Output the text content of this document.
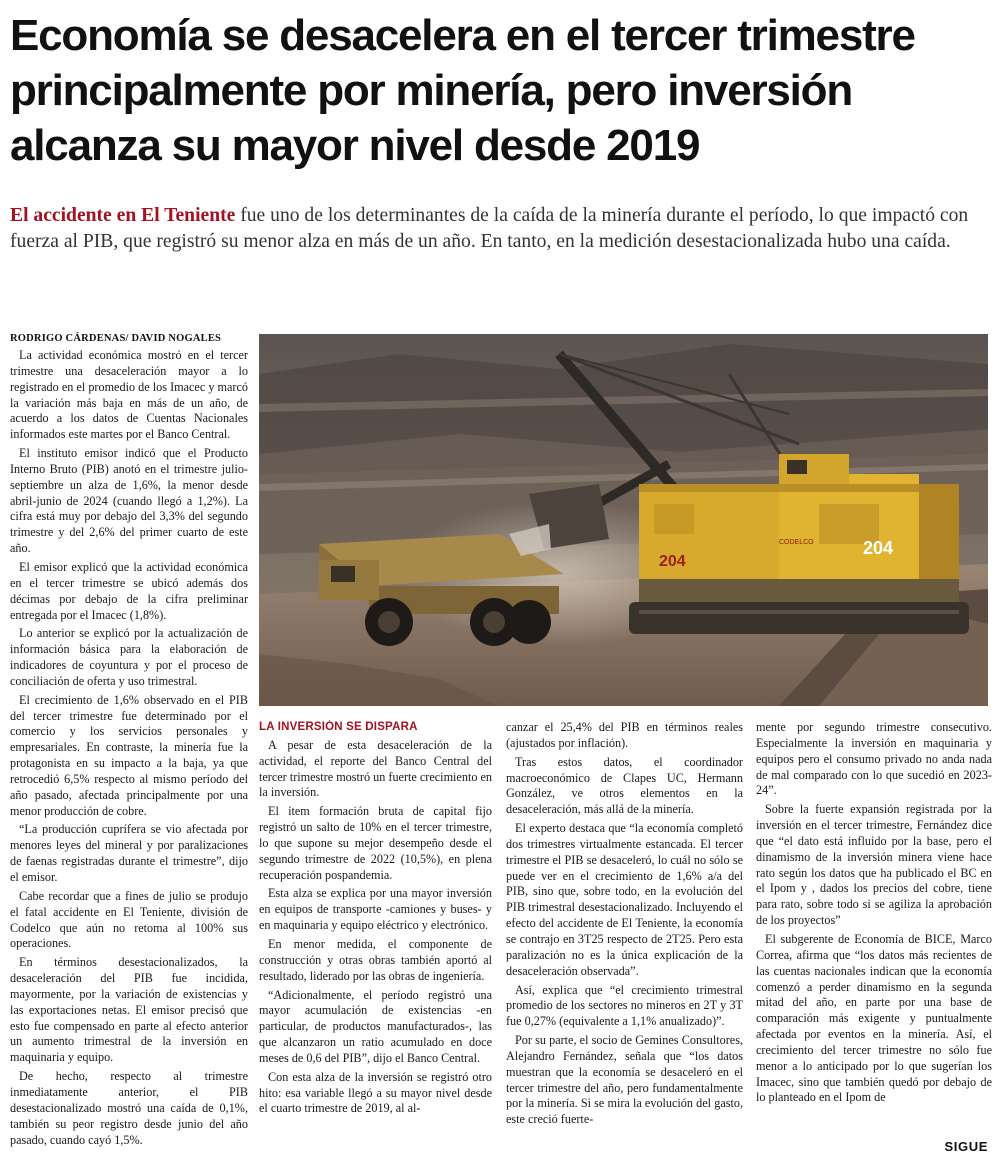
Economía se desacelera en el tercer trimestre
principalmente por minería, pero inversión
alcanza su mayor nivel desde 2019
El accidente en El Teniente fue uno de los determinantes de la caída de la minería durante el período, lo que impactó con fuerza al PIB, que registró su menor alza en más de un año. En tanto, en la medición desestacionalizada hubo una caída.
RODRIGO CÁRDENAS/ DAVID NOGALES

La actividad económica mostró en el tercer trimestre una desaceleración mayor a lo registrado en el promedio de los Imacec y marcó la variación más baja en más de un año, de acuerdo a los datos de Cuentas Nacionales informados este martes por el Banco Central.

El instituto emisor indicó que el Producto Interno Bruto (PIB) anotó en el trimestre julio-septiembre un alza de 1,6%, la menor desde abril-junio de 2024 (cuando llegó a 1,2%). La cifra está muy por debajo del 3,3% del segundo trimestre y del 2,6% del primer cuarto de este año.

El emisor explicó que la actividad económica en el tercer trimestre se ubicó además dos décimas por debajo de la cifra preliminar entregada por el Imacec (1,8%).

Lo anterior se explicó por la actualización de información básica para la elaboración de indicadores de coyuntura y por el proceso de conciliación de oferta y uso trimestral.

El crecimiento de 1,6% observado en el PIB del tercer trimestre fue determinado por el comercio y los servicios personales y empresariales. En contraste, la minería fue la protagonista en su impacto a la baja, ya que retrocedió 6,5% respecto al mismo período del año pasado, afectada principalmente por una menor producción de cobre.

“La producción cuprífera se vio afectada por menores leyes del mineral y por paralizaciones de faenas registradas durante el trimestre”, dijo el emisor.

Cabe recordar que a fines de julio se produjo el fatal accidente en El Teniente, división de Codelco que aún no retoma al 100% sus operaciones.

En términos desestacionalizados, la desaceleración del PIB fue incidida, mayormente, por la variación de existencias y las exportaciones netas. El emisor precisó que esto fue compensado en parte al efecto anterior un aumento trimestral de la inversión en maquinaria y equipo.

De hecho, respecto al trimestre inmediatamente anterior, el PIB desestacionalizado mostró una caída de 0,1%, también su peor registro desde junio del año pasado, cuando cayó 1,5%.

204
204
CODELCO
LA INVERSIÓN SE DISPARA

A pesar de esta desaceleración de la actividad, el reporte del Banco Central del tercer trimestre mostró un fuerte crecimiento en la inversión.

El ítem formación bruta de capital fijo registró un salto de 10% en el tercer trimestre, lo que supone su mejor desempeño desde el segundo trimestre de 2022 (10,5%), en plena recuperación pospandemia.

Esta alza se explica por una mayor inversión en equipos de transporte -camiones y buses- y en maquinaria y equipo eléctrico y electrónico.

En menor medida, el componente de construcción y otras obras también aportó al resultado, liderado por las obras de ingeniería.

“Adicionalmente, el período registró una mayor acumulación de existencias -en particular, de productos manufacturados-, las que alcanzaron un ratio acumulado en doce meses de 0,6 del PIB”, dijo el Banco Central.

Con esta alza de la inversión se registró otro hito: esa variable llegó a su mayor nivel desde el cuarto trimestre de 2019, al al-

canzar el 25,4% del PIB en términos reales (ajustados por inflación).

Tras estos datos, el coordinador macroeconómico de Clapes UC, Hermann González, ve otros elementos en la desaceleración, más allá de la minería.

El experto destaca que “la economía completó dos trimestres virtualmente estancada. El tercer trimestre el PIB se desaceleró, lo cuál no sólo se puede ver en el crecimiento de 1,6% a/a del PIB, sino que, sobre todo, en la evolución del PIB trimestral desestacionalizado. Incluyendo el efecto del accidente de El Teniente, la economía se contrajo en 3T25 respecto de 2T25. Pero esta paralización no es la única explicación de la desaceleración observada”.

Así, explica que “el crecimiento trimestral promedio de los sectores no mineros en 2T y 3T fue 0,27% (equivalente a 1,1% anualizado)”.

Por su parte, el socio de Gemines Consultores, Alejandro Fernández, señala que “los datos muestran que la economía se desaceleró en el tercer trimestre del año, pero fundamentalmente por la minería. Si se mira la evolución del gasto, este creció fuerte-

mente por segundo trimestre consecutivo. Especialmente la inversión en maquinaria y equipos pero el consumo privado no anda nada de mal comparado con lo que sucedió en 2023-24”.

Sobre la fuerte expansión registrada por la inversión en el tercer trimestre, Fernández dice que “el dato está influido por la base, pero el dinamismo de la inversión minera viene hace rato según los datos que ha publicado el BC en el Ipom y , dados los precios del cobre, tiene para rato, sobre todo si se agiliza la aprobación de los proyectos”

El subgerente de Economía de BICE, Marco Correa, afirma que “los datos más recientes de las cuentas nacionales indican que la economía comenzó a perder dinamismo en la segunda mitad del año, en parte por una base de comparación más exigente y puntualmente afectada por eventos en la minería. Así, el crecimiento del tercer trimestre no sólo fue menor a lo anticipado por lo que sugerían los Imacec, sino que también quedó por debajo de lo planteado en el Ipom de

SIGUE
